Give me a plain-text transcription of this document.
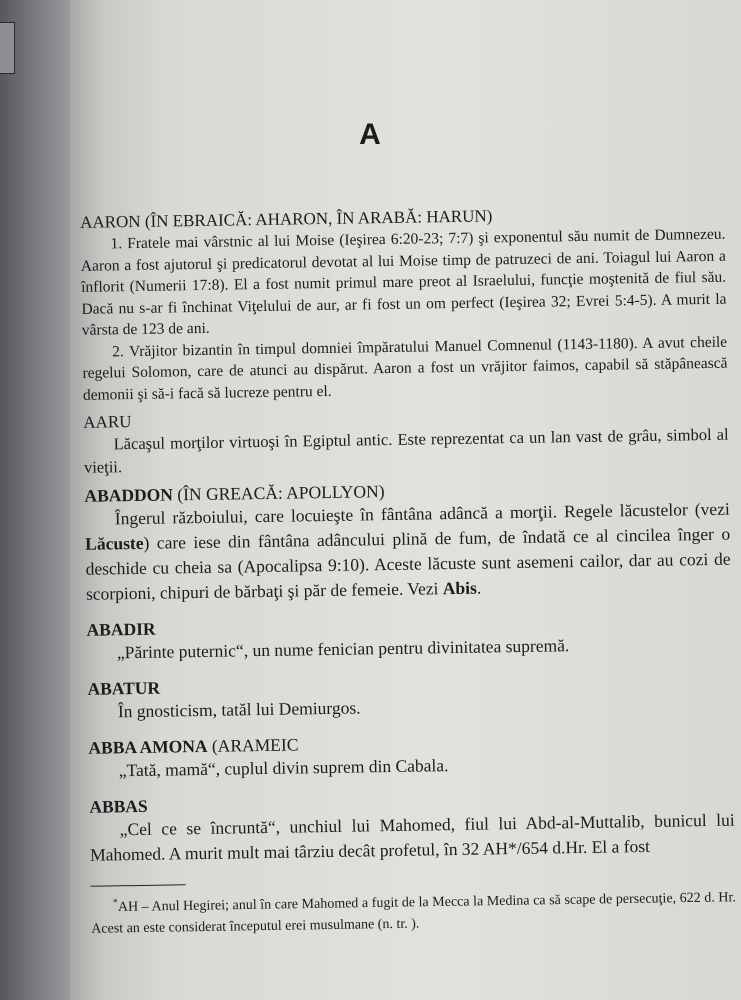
A

AARON (ÎN EBRAICĂ: AHARON, ÎN ARABĂ: HARUN)

1. Fratele mai vârstnic al lui Moise (Ieşirea 6:20-23; 7:7) şi exponentul său numit de Dumnezeu. Aaron a fost ajutorul şi predicatorul devotat al lui Moise timp de patruzeci de ani. Toiagul lui Aaron a înflorit (Numerii 17:8). El a fost numit primul mare preot al Israelului, funcţie moştenită de fiul său. Dacă nu s-ar fi închinat Viţelului de aur, ar fi fost un om perfect (Ieşirea 32; Evrei 5:4-5). A murit la vârsta de 123 de ani.

2. Vrăjitor bizantin în timpul domniei împăratului Manuel Comnenul (1143-1180). A avut cheile regelui Solomon, care de atunci au dispărut. Aaron a fost un vrăjitor faimos, capabil să stăpânească demonii şi să-i facă să lucreze pentru el.

AARU

Lăcaşul morţilor virtuoşi în Egiptul antic. Este reprezentat ca un lan vast de grâu, simbol al vieţii.

ABADDON (ÎN GREACĂ: APOLLYON)

Îngerul războiului, care locuieşte în fântâna adâncă a morţii. Regele lăcustelor (vezi Lăcuste) care iese din fântâna adâncului plină de fum, de îndată ce al cincilea înger o deschide cu cheia sa (Apocalipsa 9:10). Aceste lăcuste sunt asemeni cailor, dar au cozi de scorpioni, chipuri de bărbaţi şi păr de femeie. Vezi Abis.

ABADIR

„Părinte puternic“, un nume fenician pentru divinitatea supremă.

ABATUR

În gnosticism, tatăl lui Demiurgos.

ABBA AMONA (ARAMEIC

„Tată, mamă“, cuplul divin suprem din Cabala.

ABBAS

„Cel ce se încruntă“, unchiul lui Mahomed, fiul lui Abd-al-Muttalib, bunicul lui Mahomed. A murit mult mai târziu decât profetul, în 32 AH*/654 d.Hr. El a fost

*AH – Anul Hegirei; anul în care Mahomed a fugit de la Mecca la Medina ca să scape de persecuţie, 622 d. Hr. Acest an este considerat începutul erei musulmane (n. tr. ).
